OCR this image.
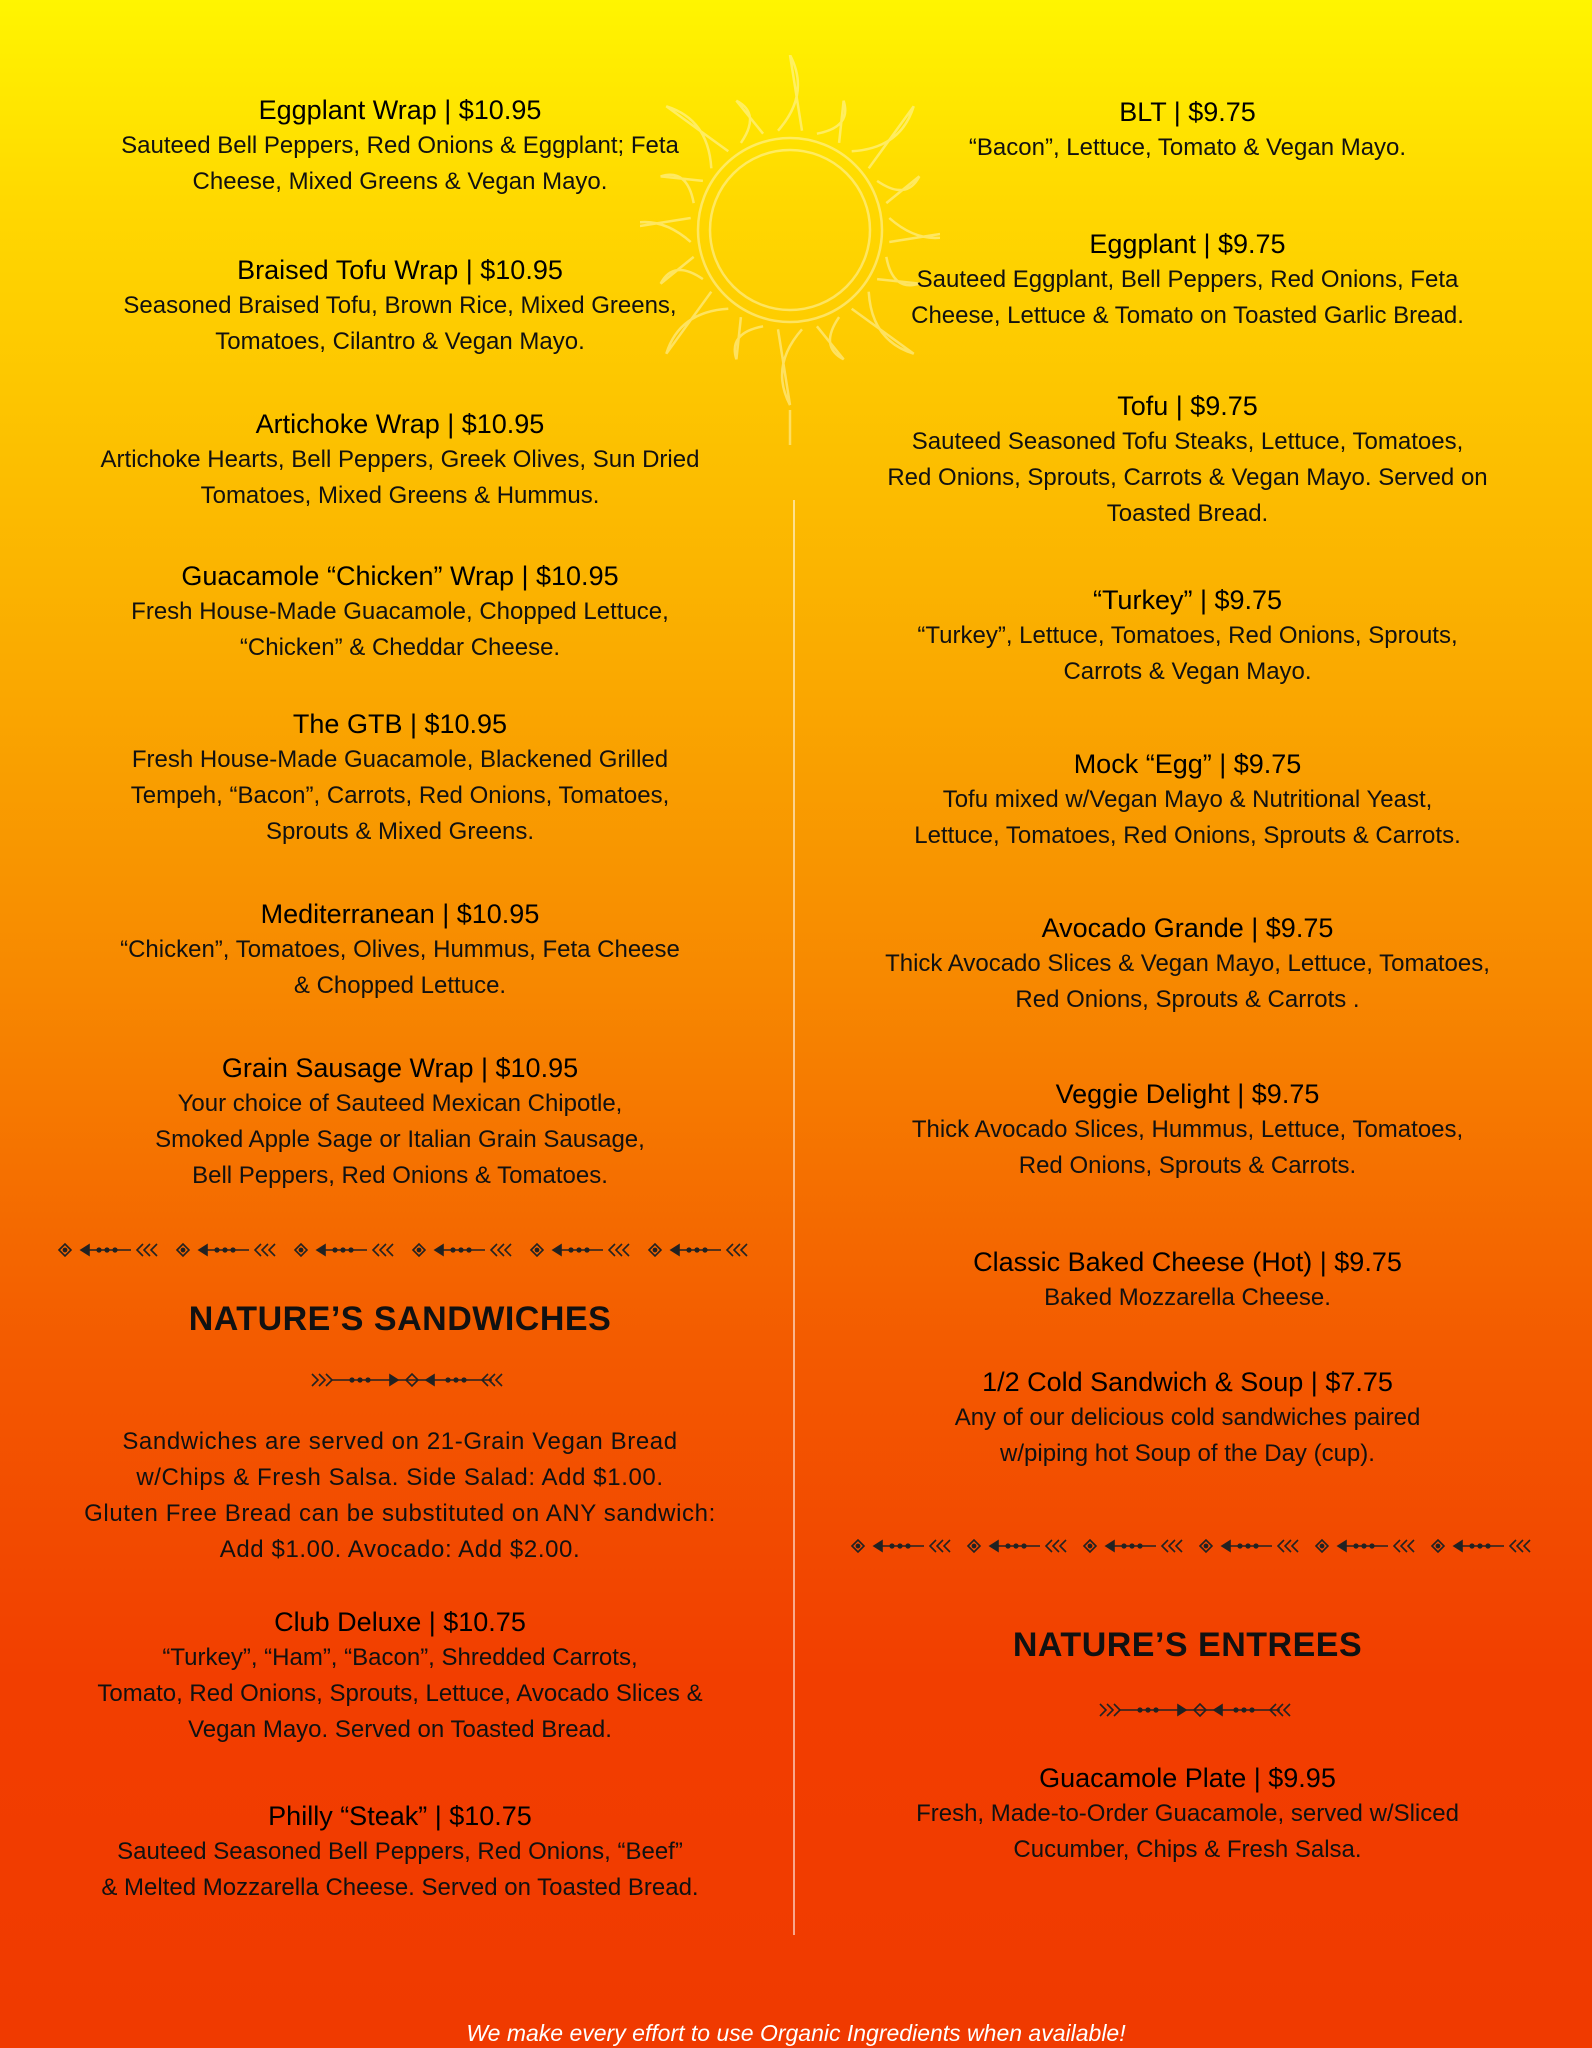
Eggplant Wrap | $10.95

Sauteed Bell Peppers, Red Onions & Eggplant; Feta

Cheese, Mixed Greens & Vegan Mayo.

Braised Tofu Wrap | $10.95

Seasoned Braised Tofu, Brown Rice, Mixed Greens,

Tomatoes, Cilantro & Vegan Mayo.

Artichoke Wrap | $10.95

Artichoke Hearts, Bell Peppers, Greek Olives, Sun Dried

Tomatoes, Mixed Greens & Hummus.

Guacamole “Chicken” Wrap | $10.95

Fresh House-Made Guacamole, Chopped Lettuce,

“Chicken” & Cheddar Cheese.

The GTB | $10.95

Fresh House-Made Guacamole, Blackened Grilled

Tempeh, “Bacon”, Carrots, Red Onions, Tomatoes,

Sprouts & Mixed Greens.

Mediterranean | $10.95

“Chicken”, Tomatoes, Olives, Hummus, Feta Cheese

& Chopped Lettuce.

Grain Sausage Wrap | $10.95

Your choice of Sauteed Mexican Chipotle,

Smoked Apple Sage or Italian Grain Sausage,

Bell Peppers, Red Onions & Tomatoes.

NATURE’S SANDWICHES

Sandwiches are served on 21-Grain Vegan Bread

w/Chips & Fresh Salsa. Side Salad: Add $1.00.

Gluten Free Bread can be substituted on ANY sandwich:

Add $1.00. Avocado: Add $2.00.

Club Deluxe | $10.75

“Turkey”, “Ham”, “Bacon”, Shredded Carrots,

Tomato, Red Onions, Sprouts, Lettuce, Avocado Slices &

Vegan Mayo. Served on Toasted Bread.

Philly “Steak” | $10.75

Sauteed Seasoned Bell Peppers, Red Onions, “Beef”

& Melted Mozzarella Cheese. Served on Toasted Bread.

BLT | $9.75

“Bacon”, Lettuce, Tomato & Vegan Mayo.

Eggplant | $9.75

Sauteed Eggplant, Bell Peppers, Red Onions, Feta

Cheese, Lettuce & Tomato on Toasted Garlic Bread.

Tofu | $9.75

Sauteed Seasoned Tofu Steaks, Lettuce, Tomatoes,

Red Onions, Sprouts, Carrots & Vegan Mayo. Served on

Toasted Bread.

“Turkey” | $9.75

“Turkey”, Lettuce, Tomatoes, Red Onions, Sprouts,

Carrots & Vegan Mayo.

Mock “Egg” | $9.75

Tofu mixed w/Vegan Mayo & Nutritional Yeast,

Lettuce, Tomatoes, Red Onions, Sprouts & Carrots.

Avocado Grande | $9.75

Thick Avocado Slices & Vegan Mayo, Lettuce, Tomatoes,

Red Onions, Sprouts & Carrots .

Veggie Delight | $9.75

Thick Avocado Slices, Hummus, Lettuce, Tomatoes,

Red Onions, Sprouts & Carrots.

Classic Baked Cheese (Hot) | $9.75

Baked Mozzarella Cheese.

1/2 Cold Sandwich & Soup | $7.75

Any of our delicious cold sandwiches paired

w/piping hot Soup of the Day (cup).

NATURE’S ENTREES
Guacamole Plate | $9.95

Fresh, Made-to-Order Guacamole, served w/Sliced

Cucumber, Chips & Fresh Salsa.

We make every effort to use Organic Ingredients when available!
